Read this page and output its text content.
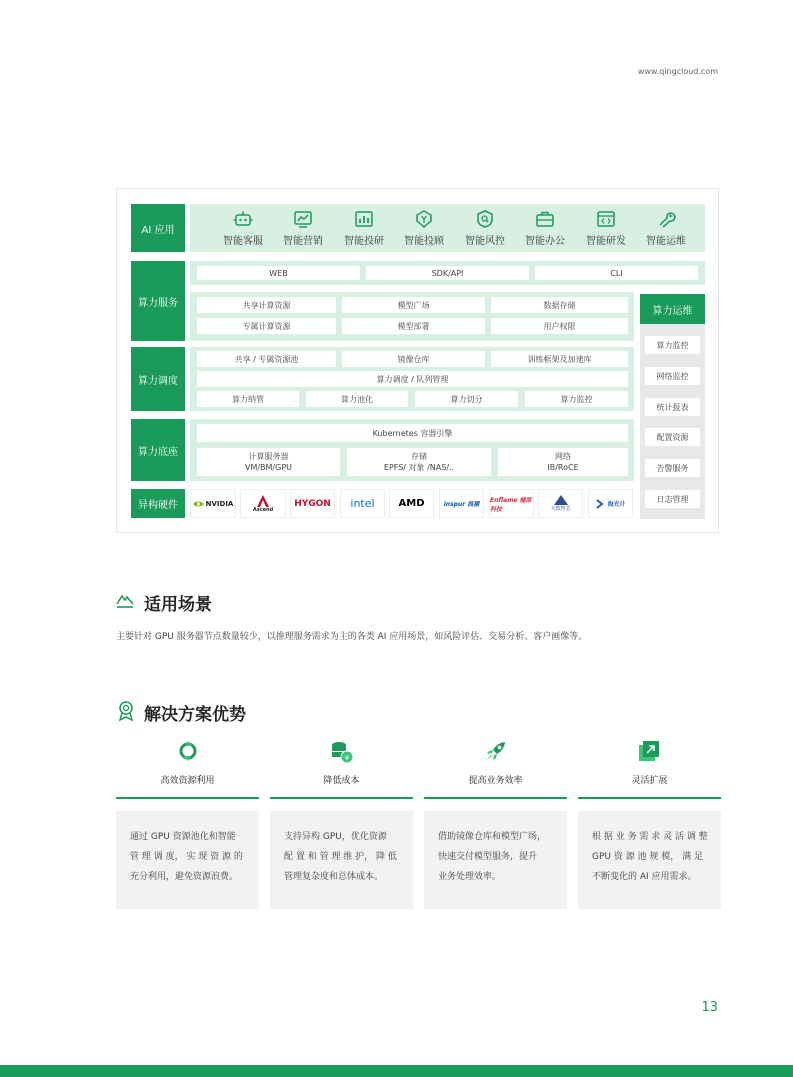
www.qingcloud.com
AI 应用
智能客服	智能营销	智能投研	智能投顾	智能风控	智能办公	智能研发	智能运维
算力服务
WEB	SDK/API	CLI
共享计算资源	模型广场	数据存储
专属计算资源	模型部署	用户权限
算力运维
算力监控
网络监控
统计报表
配置资源
告警服务
日志管理
算力调度
共享 / 专属资源池	镜像仓库	训练框架及加速库
算力调度 / 队列管理
算力纳管	算力池化	算力切分	算力监控
算力底座
Kubernetes 容器引擎
计算服务器
VM/BM/GPU
存储
EPFS/ 对象 /NAS/..
网络
IB/RoCE
异构硬件	NVIDIA
Ascend
HYGON	intel	AMD	inspur 浪潮
Enflame 燧原科技	天数智芯
海光计
适用场景
主要针对 GPU 服务器节点数量较少，以推理服务需求为主的各类 AI 应用场景，如风险评估、交易分析、客户画像等。
解决方案优势
高效资源利用
通过 GPU 资源池化和智能
管 理 调 度， 实 现 资 源 的
充分利用，避免资源浪费。
¥
降低成本
支持异构 GPU，优化资源
配 置 和 管 理 维 护， 降 低
管理复杂度和总体成本。
提高业务效率
借助镜像仓库和模型广场，
快速交付模型服务，提升
业务处理效率。
灵活扩展
根 据 业 务 需 求 灵 活 调 整
GPU 资 源 池 规 模， 满 足
不断变化的 AI 应用需求。
13
